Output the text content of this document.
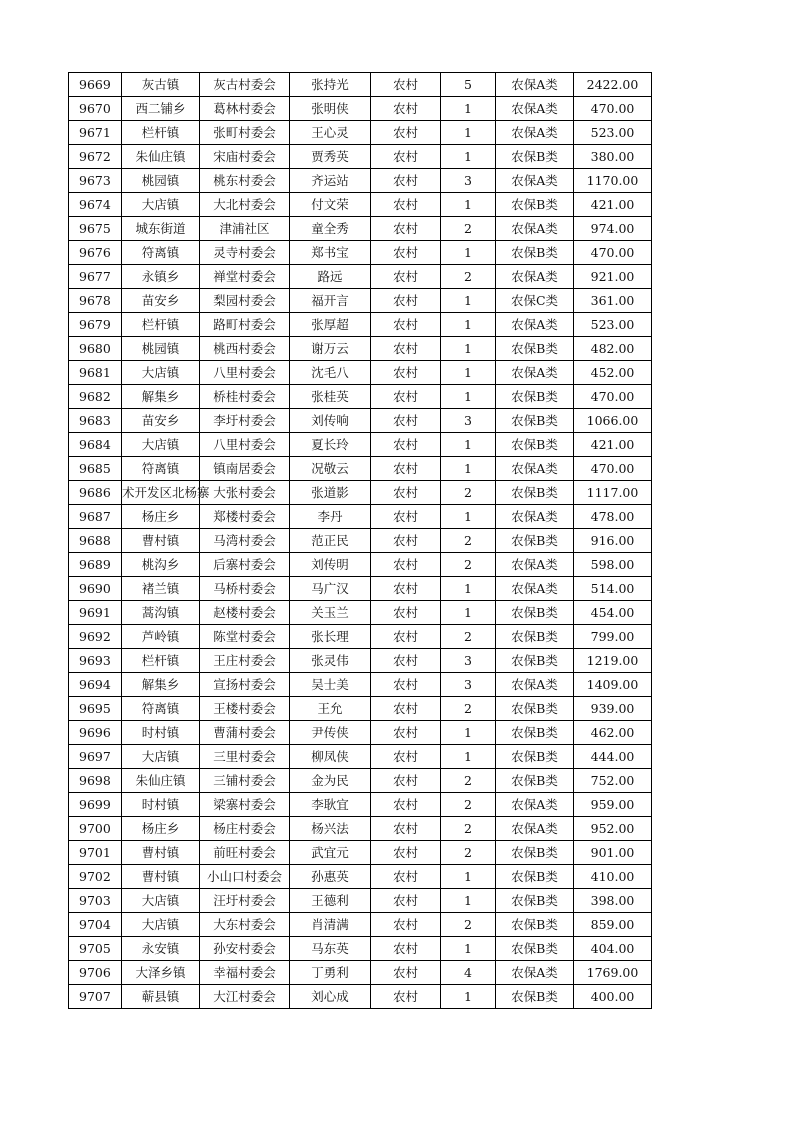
9669	灰古镇	灰古村委会	张持光	农村	5	农保A类	2422.00
9670	西二铺乡	葛林村委会	张明侠	农村	1	农保A类	470.00
9671	栏杆镇	张町村委会	王心灵	农村	1	农保A类	523.00
9672	朱仙庄镇	宋庙村委会	贾秀英	农村	1	农保B类	380.00
9673	桃园镇	桃东村委会	齐运站	农村	3	农保A类	1170.00
9674	大店镇	大北村委会	付文荣	农村	1	农保B类	421.00
9675	城东街道	津浦社区	童全秀	农村	2	农保A类	974.00
9676	符离镇	灵寺村委会	郑书宝	农村	1	农保B类	470.00
9677	永镇乡	禅堂村委会	路远	农村	2	农保A类	921.00
9678	苗安乡	梨园村委会	福开言	农村	1	农保C类	361.00
9679	栏杆镇	路町村委会	张厚超	农村	1	农保A类	523.00
9680	桃园镇	桃西村委会	谢万云	农村	1	农保B类	482.00
9681	大店镇	八里村委会	沈毛八	农村	1	农保A类	452.00
9682	解集乡	桥桂村委会	张桂英	农村	1	农保B类	470.00
9683	苗安乡	李圩村委会	刘传响	农村	3	农保B类	1066.00
9684	大店镇	八里村委会	夏长玲	农村	1	农保B类	421.00
9685	符离镇	镇南居委会	况敬云	农村	1	农保A类	470.00
9686	术开发区北杨寨	大张村委会	张道影	农村	2	农保B类	1117.00
9687	杨庄乡	郑楼村委会	李丹	农村	1	农保A类	478.00
9688	曹村镇	马湾村委会	范正民	农村	2	农保B类	916.00
9689	桃沟乡	后寨村委会	刘传明	农村	2	农保A类	598.00
9690	褚兰镇	马桥村委会	马广汉	农村	1	农保A类	514.00
9691	蒿沟镇	赵楼村委会	关玉兰	农村	1	农保B类	454.00
9692	芦岭镇	陈堂村委会	张长理	农村	2	农保B类	799.00
9693	栏杆镇	王庄村委会	张灵伟	农村	3	农保B类	1219.00
9694	解集乡	宣扬村委会	吴士美	农村	3	农保A类	1409.00
9695	符离镇	王楼村委会	王允	农村	2	农保B类	939.00
9696	时村镇	曹蒲村委会	尹传侠	农村	1	农保B类	462.00
9697	大店镇	三里村委会	柳凤侠	农村	1	农保B类	444.00
9698	朱仙庄镇	三铺村委会	金为民	农村	2	农保B类	752.00
9699	时村镇	梁寨村委会	李耿宜	农村	2	农保A类	959.00
9700	杨庄乡	杨庄村委会	杨兴法	农村	2	农保A类	952.00
9701	曹村镇	前旺村委会	武宜元	农村	2	农保B类	901.00
9702	曹村镇	小山口村委会	孙惠英	农村	1	农保B类	410.00
9703	大店镇	汪圩村委会	王德利	农村	1	农保B类	398.00
9704	大店镇	大东村委会	肖清满	农村	2	农保B类	859.00
9705	永安镇	孙安村委会	马东英	农村	1	农保B类	404.00
9706	大泽乡镇	幸福村委会	丁勇利	农村	4	农保A类	1769.00
9707	蕲县镇	大江村委会	刘心成	农村	1	农保B类	400.00
